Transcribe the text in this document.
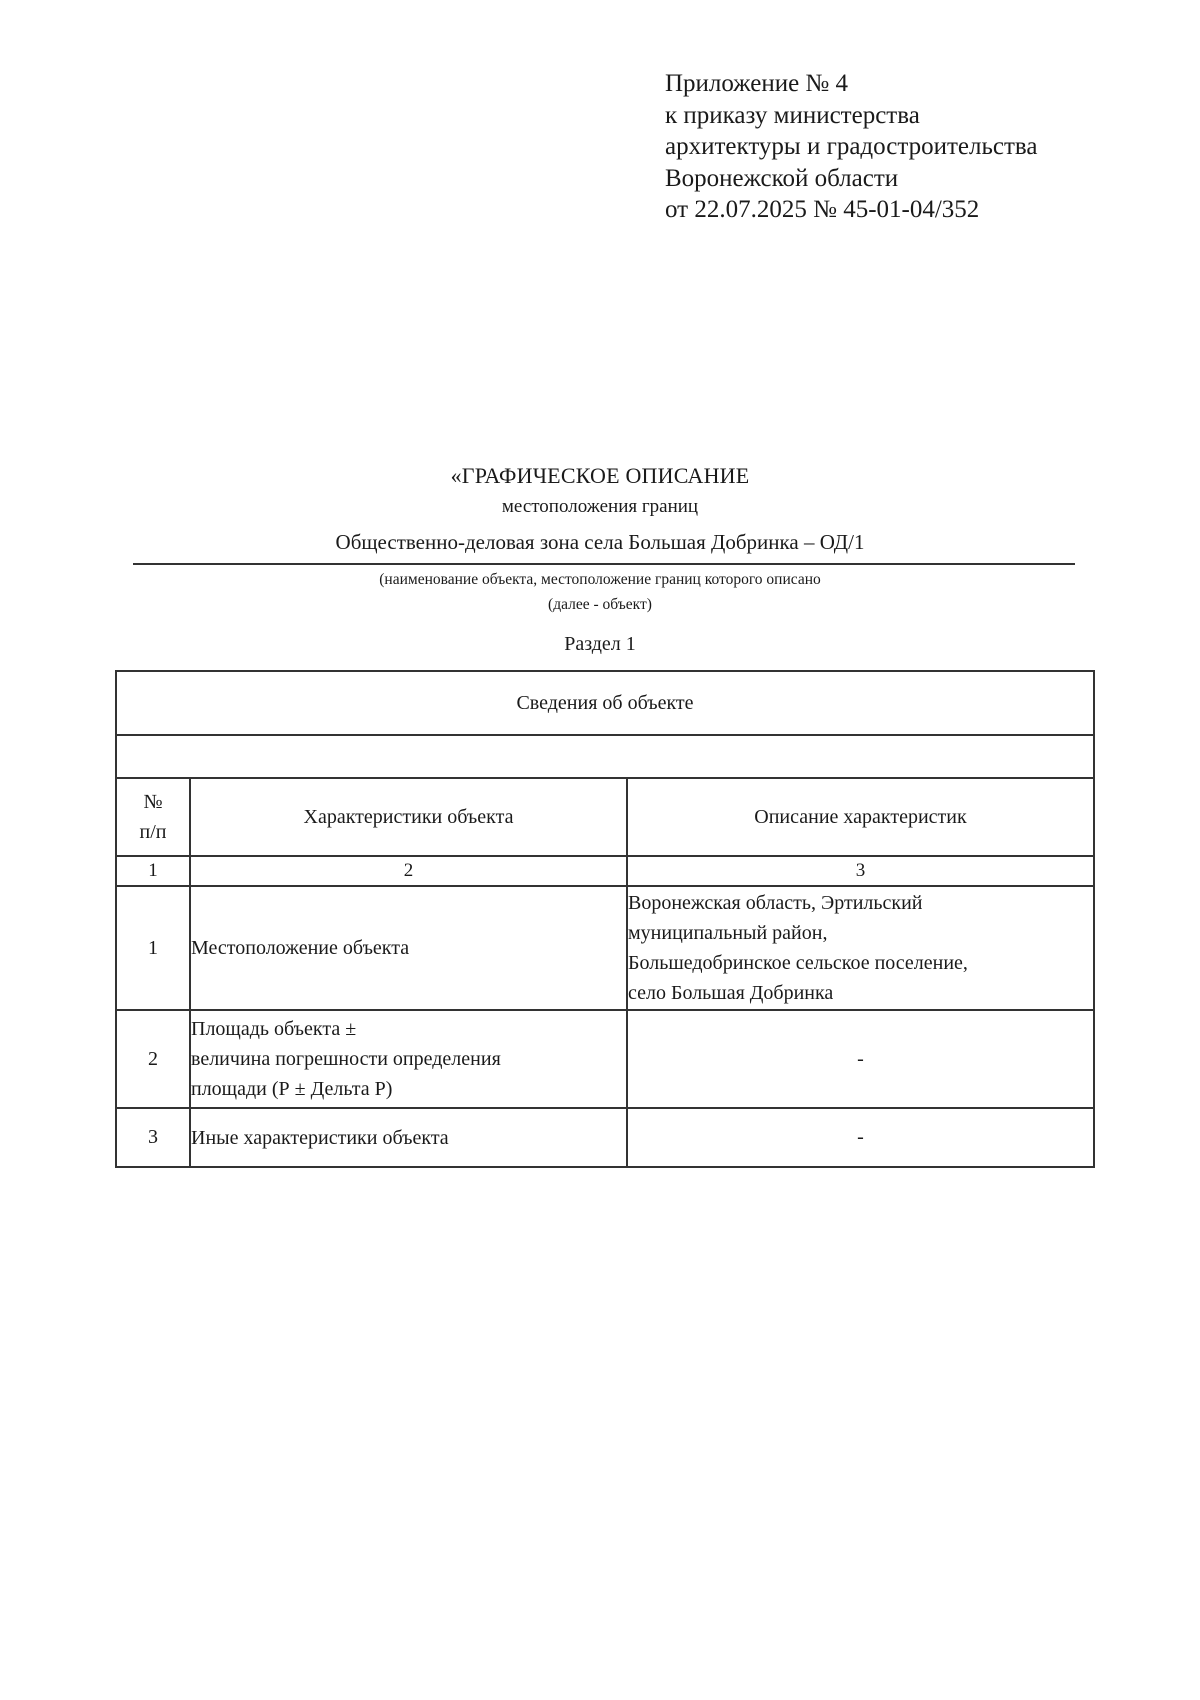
Приложение № 4
к приказу министерства
архитектуры и градостроительства
Воронежской области
от 22.07.2025 № 45-01-04/352
«ГРАФИЧЕСКОЕ ОПИСАНИЕ
местоположения границ
Общественно-деловая зона села Большая Добринка – ОД/1
(наименование объекта, местоположение границ которого описано
(далее - объект)
Раздел 1
Сведения об объекте		

№
п/п	Характеристики объекта	Описание характеристик
1	2	3
1	Местоположение объекта	Воронежская область, Эртильский
муниципальный район,
Большедобринское сельское поселение,
село Большая Добринка

2	Площадь объекта ±
величина погрешности определения
площади (Р ± Дельта Р)	-
3	Иные характеристики объекта	-
